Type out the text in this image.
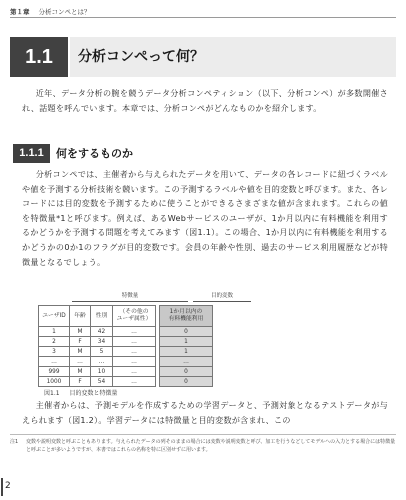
第１章 分析コンペとは？
1.1	分析コンペって何？
近年、データ分析の腕を競うデータ分析コンペティション（以下、分析コンペ）が多数開催され、話題を呼んでいます。本章では、分析コンペがどんなものかを紹介します。
1.1.1	何をするものか
分析コンペでは、主催者から与えられたデータを用いて、データの各レコードに紐づくラベルや値を予測する分析技術を競います。この予測するラベルや値を目的変数と呼びます。また、各レコードには目的変数を予測するために使うことができるさまざまな値が含まれます。これらの値を特徴量*1と呼びます。例えば、あるWebサービスのユーザが、1か月以内に有料機能を利用するかどうかを予測する問題を考えてみます（図1.1）。この場合、1か月以内に有料機能を利用するかどうかの0か1のフラグが目的変数です。会員の年齢や性別、過去のサービス利用履歴などが特徴量となるでしょう。
特徴量	目的変数
ユーザID	年齢	性別	（その他の
ユーザ属性）		1か月以内の
有料機能利用
1	M	42	…		0
2	F	34	…		1
3	M	5	…		1
…	…	…	…		…
999	M	10	…		0
1000	F	54	…		0
図1.1 目的変数と特徴量
主催者からは、予測モデルを作成するための学習データと、予測対象となるテストデータが与えられます（図1.2）。学習データには特徴量と目的変数が含まれ、この
注1	変数や説明変数と呼ぶこともあります。与えられたデータの列そのままの場合には変数や説明変数と呼び、加工を行うなどしてモデルへの入力とする場合には特徴量と呼ぶことが多いようですが、本書ではこれらの名称を特に区別せずに用います。
2
